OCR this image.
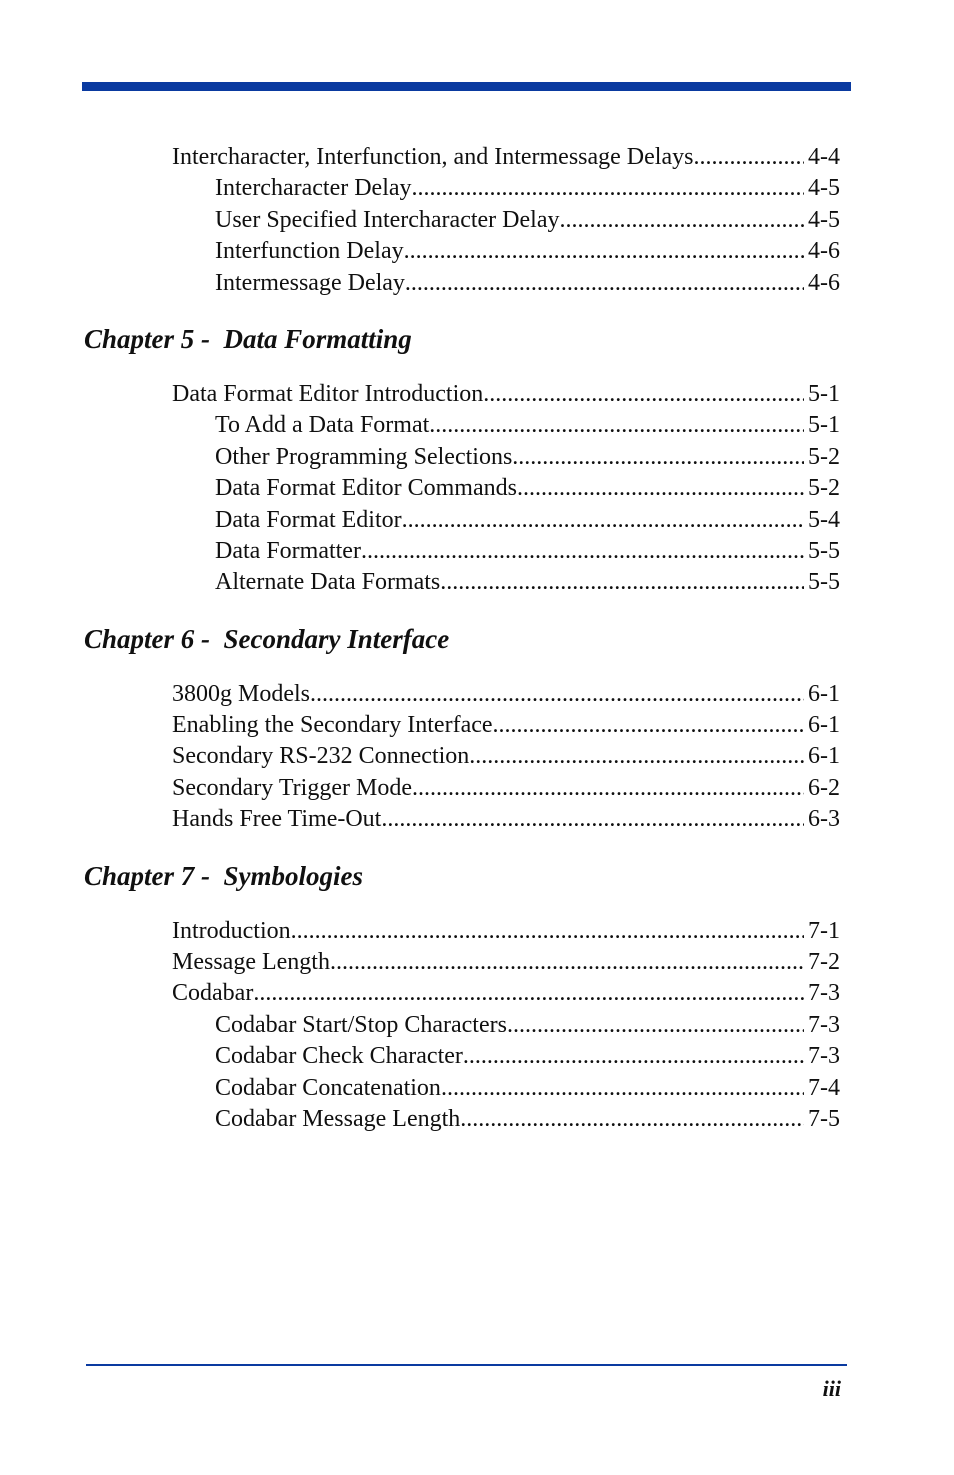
Intercharacter, Interfunction, and Intermessage Delays .....	4-4
Intercharacter Delay .....	4-5
User Specified Intercharacter Delay .....	4-5
Interfunction Delay .....	4-6
Intermessage Delay .....	4-6
Chapter 5 - Data Formatting
Data Format Editor Introduction .....	5-1
To Add a Data Format .....	5-1
Other Programming Selections .....	5-2
Data Format Editor Commands .....	5-2
Data Format Editor .....	5-4
Data Formatter .....	5-5
Alternate Data Formats .....	5-5
Chapter 6 - Secondary Interface
3800g Models .....	6-1
Enabling the Secondary Interface .....	6-1
Secondary RS-232 Connection .....	6-1
Secondary Trigger Mode .....	6-2
Hands Free Time-Out .....	6-3
Chapter 7 - Symbologies
Introduction .....	7-1
Message Length .....	7-2
Codabar .....	7-3
Codabar Start/Stop Characters .....	7-3
Codabar Check Character .....	7-3
Codabar Concatenation .....	7-4
Codabar Message Length .....	7-5
iii
